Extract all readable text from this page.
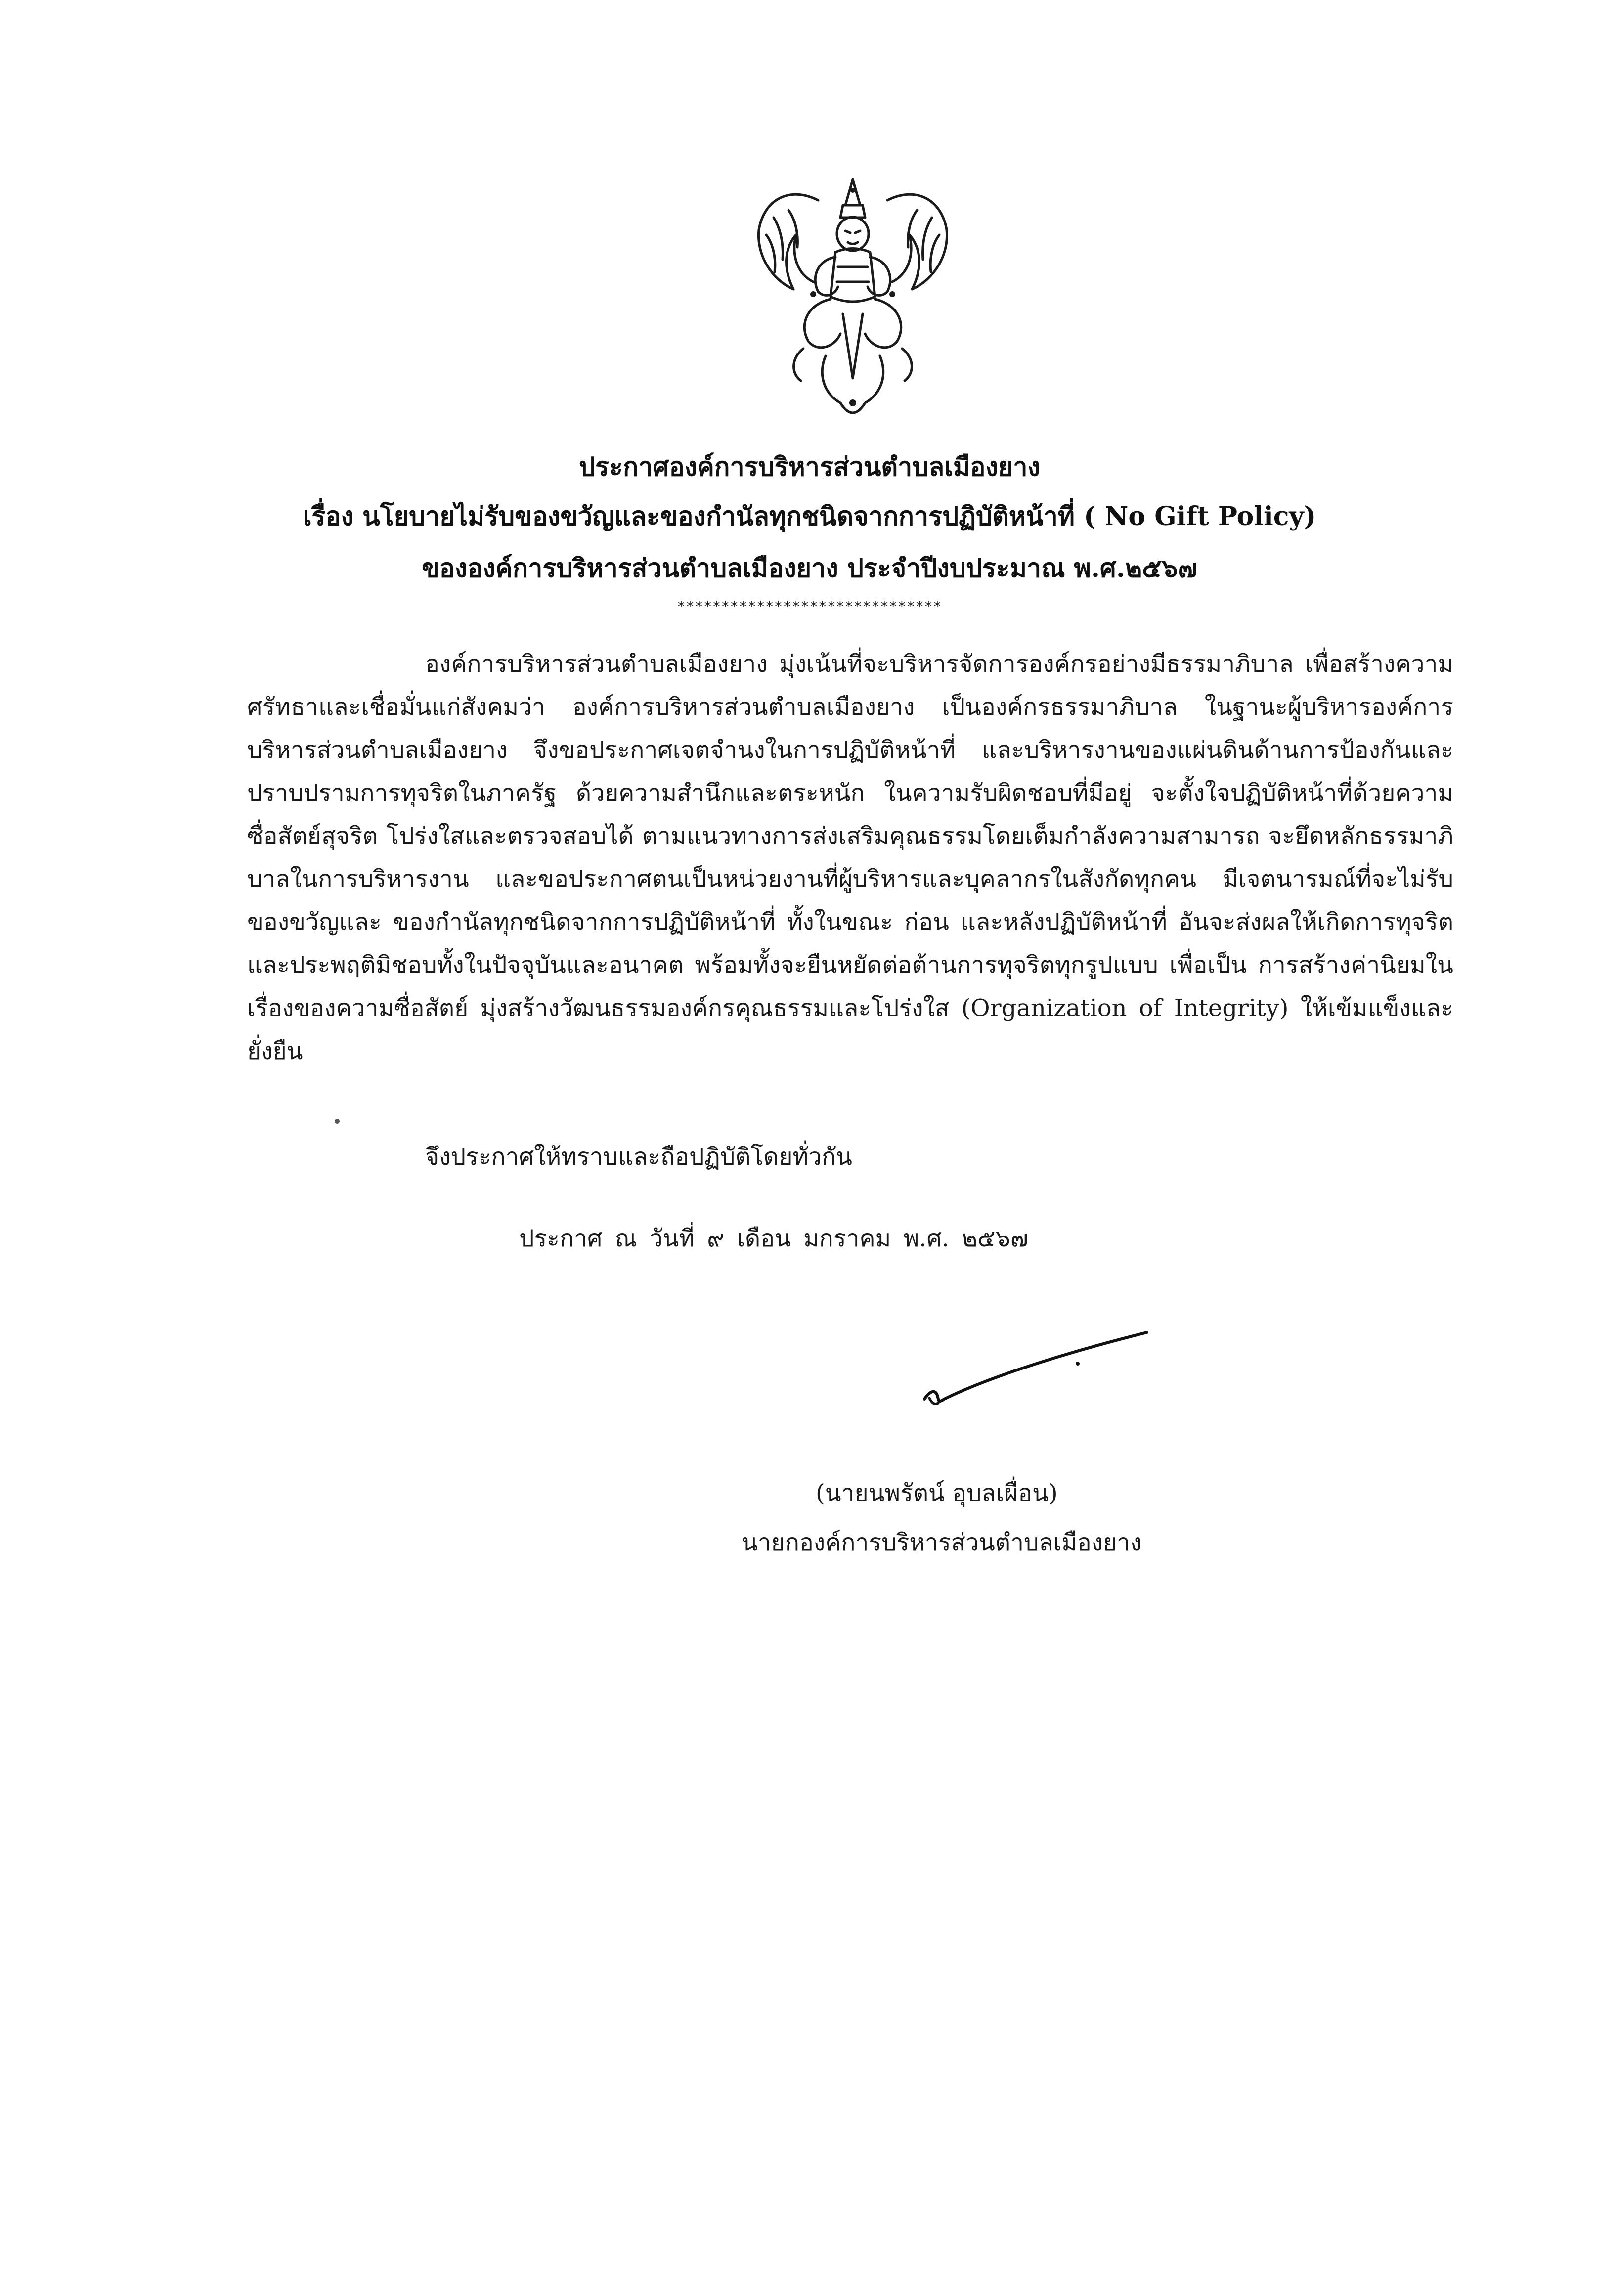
ประกาศองค์การบริหารส่วนตำบลเมืองยาง
เรื่อง นโยบายไม่รับของขวัญและของกำนัลทุกชนิดจากการปฏิบัติหน้าที่ ( No Gift Policy)
ขององค์การบริหารส่วนตำบลเมืองยาง ประจำปีงบประมาณ พ.ศ.๒๕๖๗
******************************
องค์การบริหารส่วนตำบลเมืองยาง มุ่งเน้นที่จะบริหารจัดการองค์กรอย่างมีธรรมาภิบาล เพื่อสร้างความศรัทธาและเชื่อมั่นแก่สังคมว่า องค์การบริหารส่วนตำบลเมืองยาง เป็นองค์กรธรรมาภิบาล ในฐานะผู้บริหารองค์การบริหารส่วนตำบลเมืองยาง จึงขอประกาศเจตจำนงในการปฏิบัติหน้าที่ และบริหารงานของแผ่นดินด้านการป้องกันและปราบปรามการทุจริตในภาครัฐ ด้วยความสำนึกและตระหนัก ในความรับผิดชอบที่มีอยู่ จะตั้งใจปฏิบัติหน้าที่ด้วยความซื่อสัตย์สุจริต โปร่งใสและตรวจสอบได้ ตามแนวทางการส่งเสริมคุณธรรมโดยเต็มกำลังความสามารถ จะยึดหลักธรรมาภิบาลในการบริหารงาน และขอประกาศตนเป็นหน่วยงานที่ผู้บริหารและบุคลากรในสังกัดทุกคน มีเจตนารมณ์ที่จะไม่รับของขวัญและ ของกำนัลทุกชนิดจากการปฏิบัติหน้าที่ ทั้งในขณะ ก่อน และหลังปฏิบัติหน้าที่ อันจะส่งผลให้เกิดการทุจริต และประพฤติมิชอบทั้งในปัจจุบันและอนาคต พร้อมทั้งจะยืนหยัดต่อต้านการทุจริตทุกรูปแบบ เพื่อเป็น การสร้างค่านิยมในเรื่องของความซื่อสัตย์ มุ่งสร้างวัฒนธรรมองค์กรคุณธรรมและโปร่งใส (Organization of Integrity) ให้เข้มแข็งและยั่งยืน
จึงประกาศให้ทราบและถือปฏิบัติโดยทั่วกัน
ประกาศ ณ วันที่ ๙ เดือน มกราคม พ.ศ. ๒๕๖๗
(นายนพรัตน์ อุบลเผื่อน)
นายกองค์การบริหารส่วนตำบลเมืองยาง
